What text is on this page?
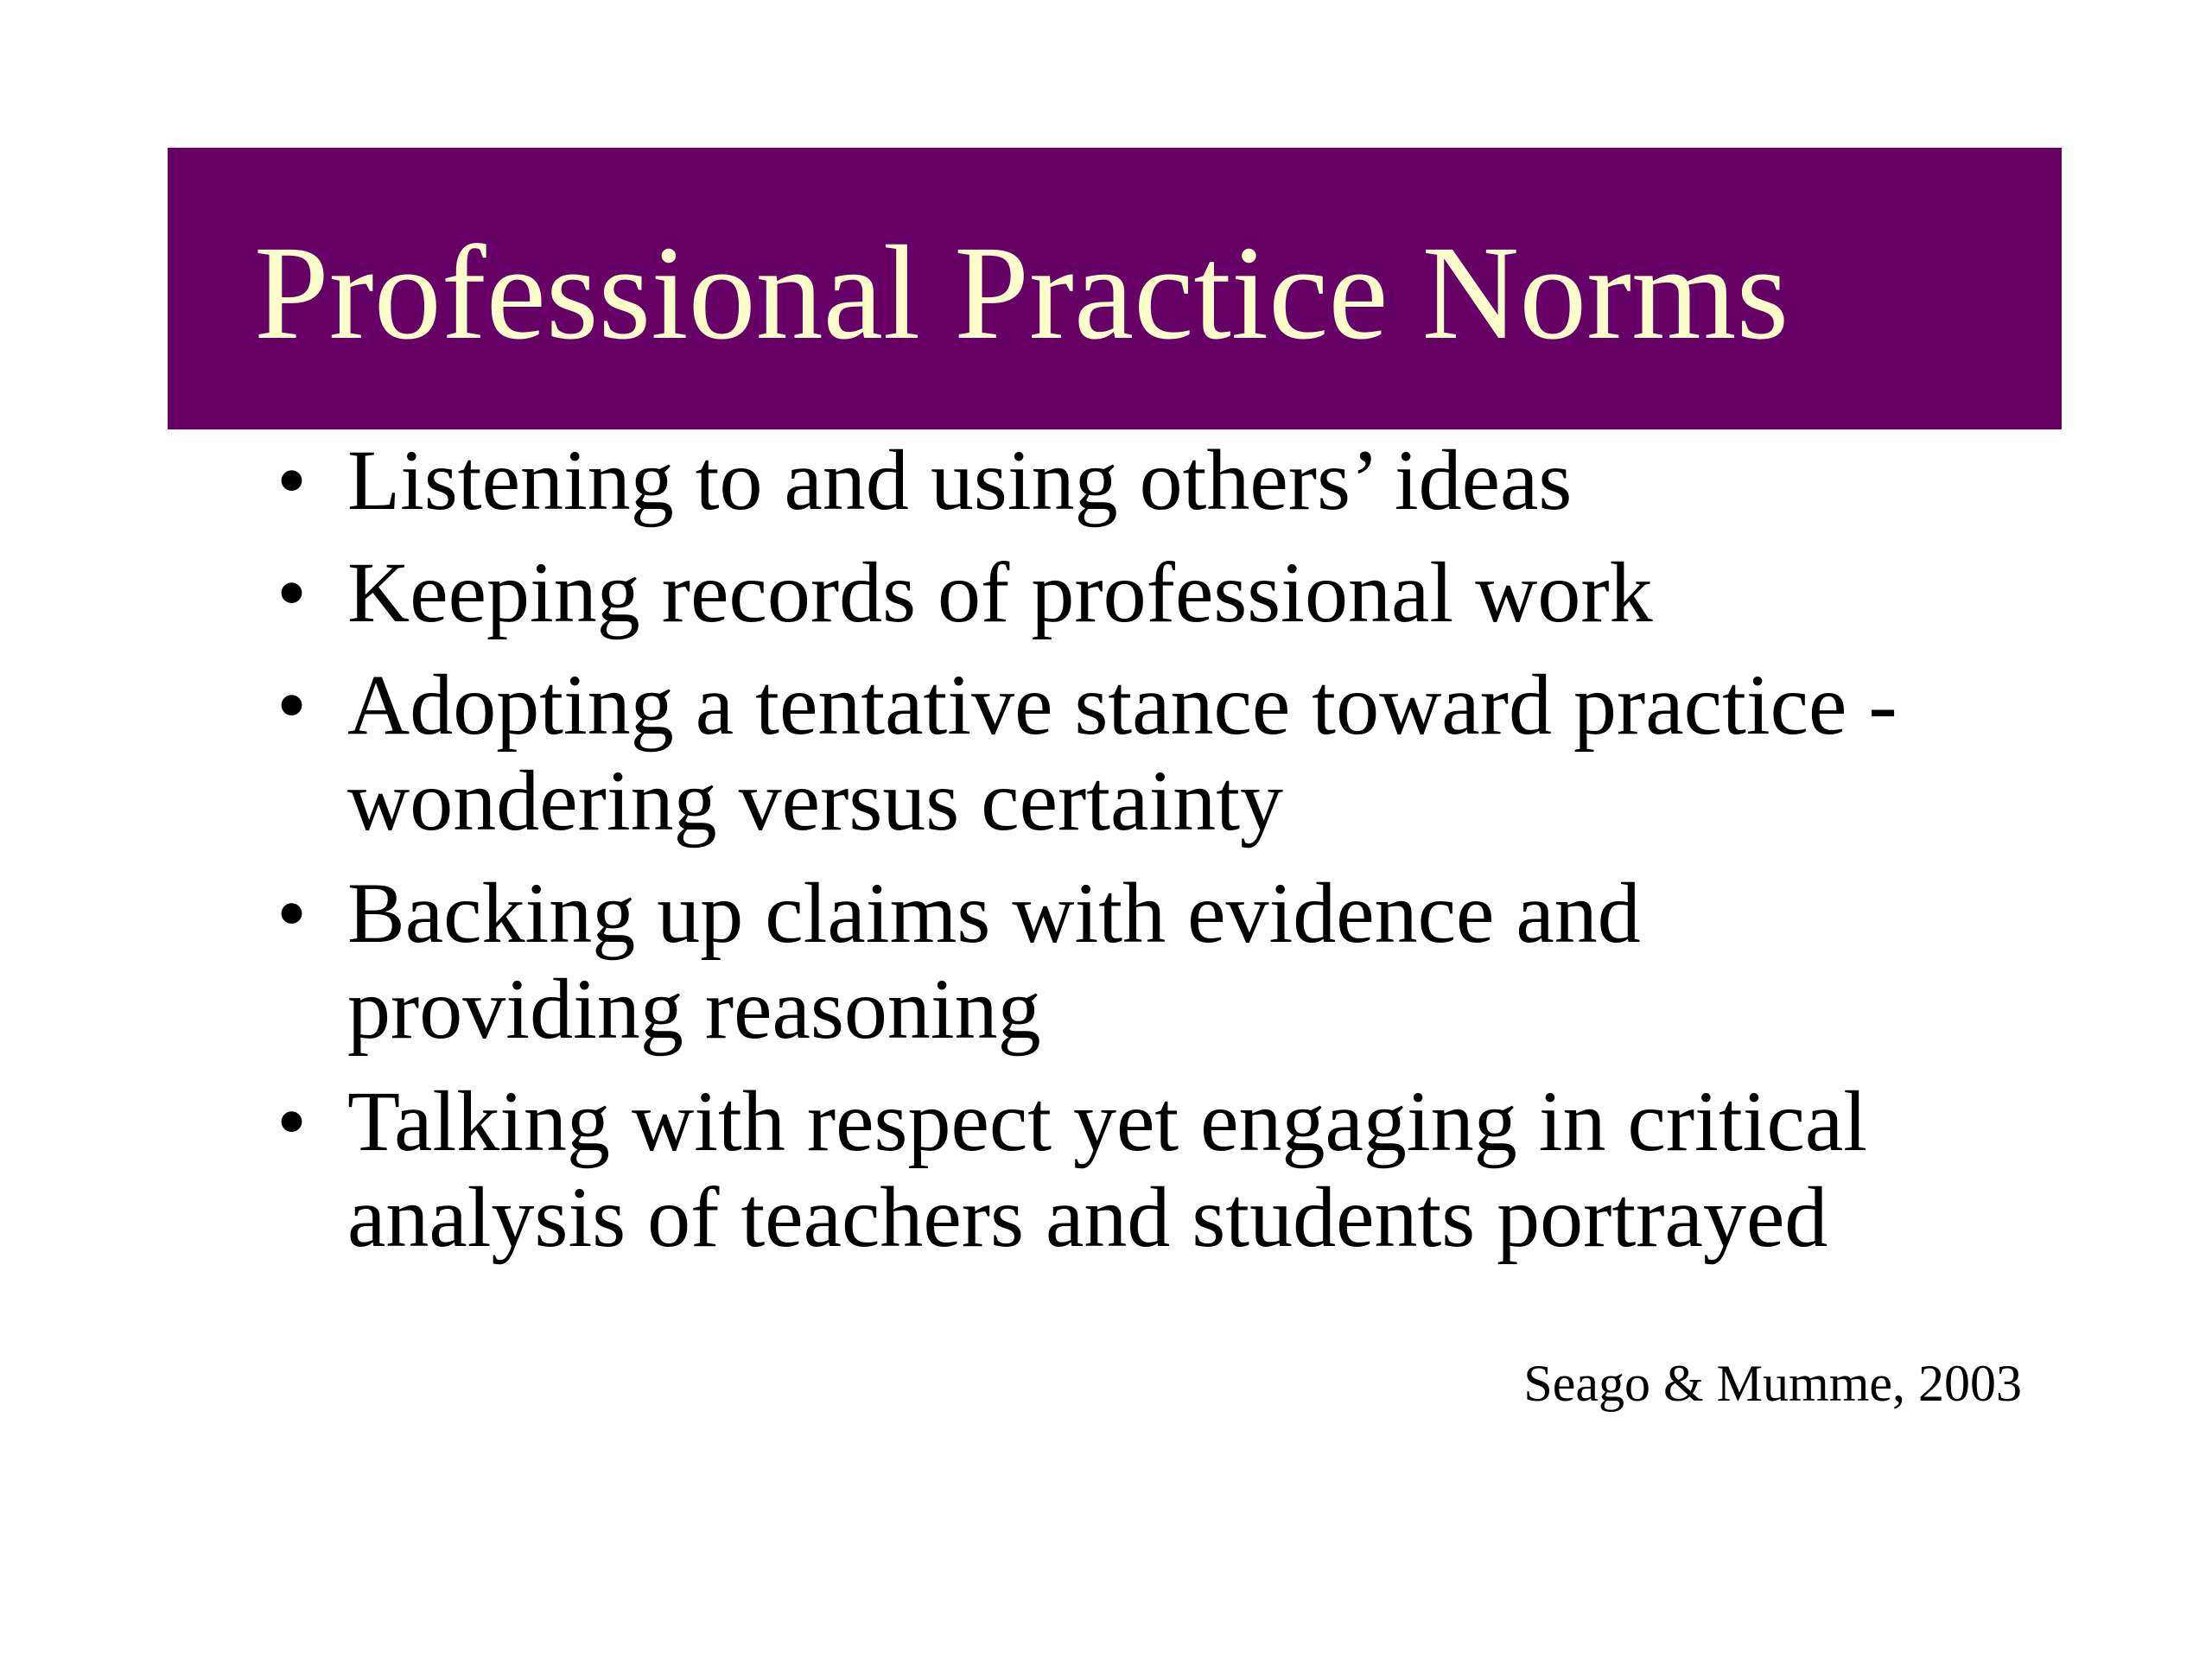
Professional Practice Norms
• Listening to and using others’ ideas
• Keeping records of professional work
• Adopting a tentative stance toward practice - wondering versus certainty
• Backing up claims with evidence and providing reasoning
• Talking with respect yet engaging in critical analysis of teachers and students portrayed
Seago & Mumme, 2003
